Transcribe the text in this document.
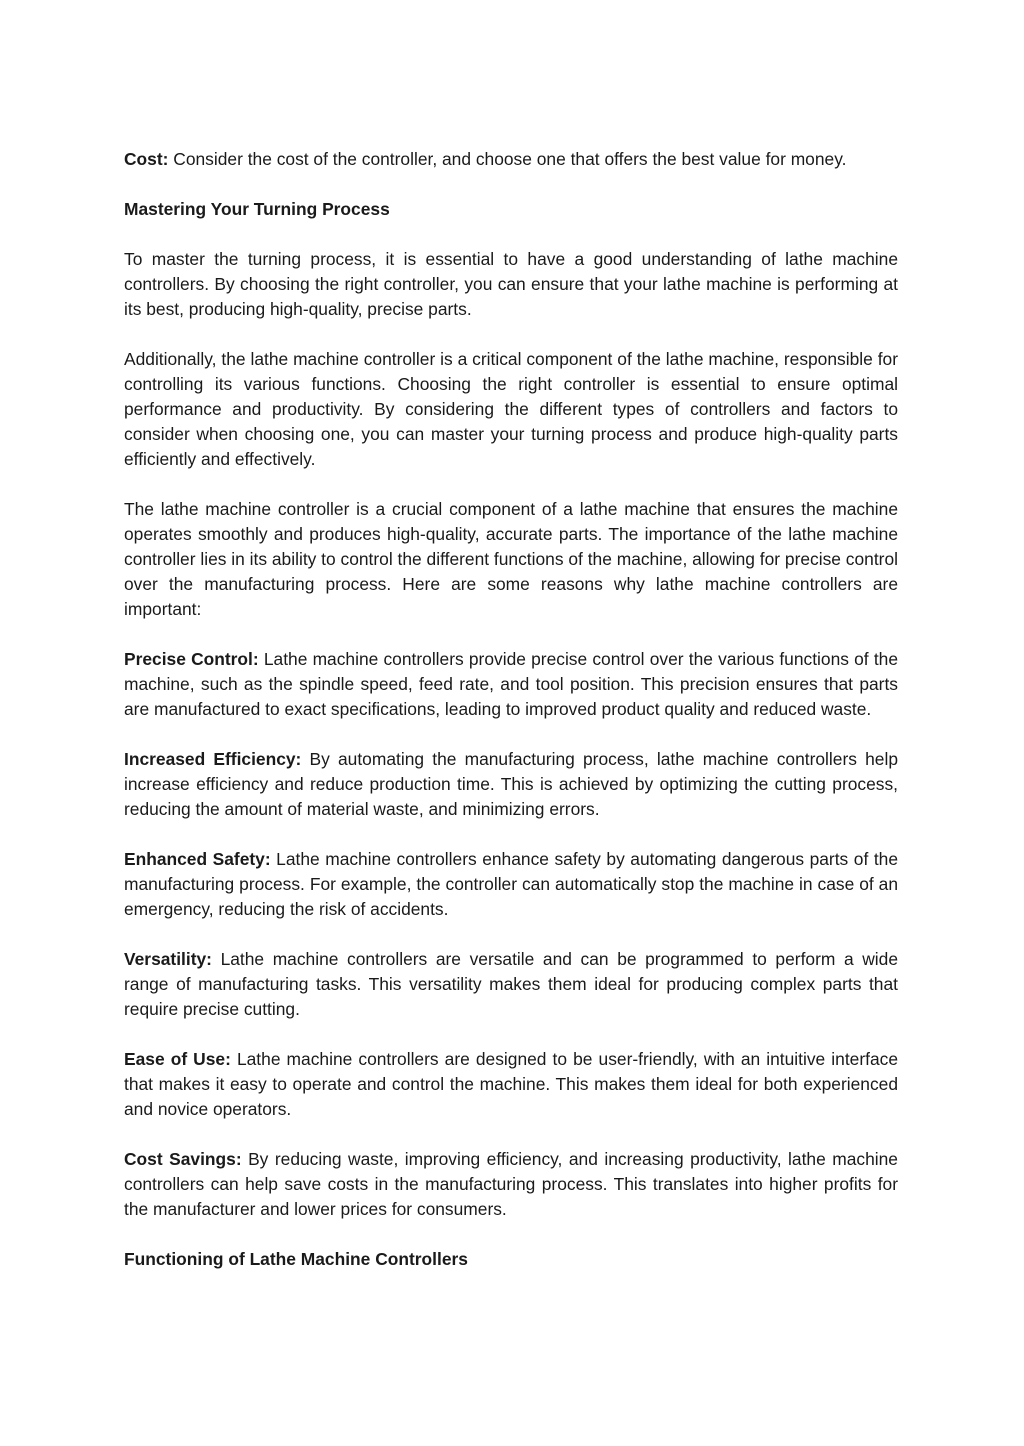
Cost: Consider the cost of the controller, and choose one that offers the best value for money.

Mastering Your Turning Process

To master the turning process, it is essential to have a good understanding of lathe machine controllers. By choosing the right controller, you can ensure that your lathe machine is performing at its best, producing high-quality, precise parts.

Additionally, the lathe machine controller is a critical component of the lathe machine, responsible for controlling its various functions. Choosing the right controller is essential to ensure optimal performance and productivity. By considering the different types of controllers and factors to consider when choosing one, you can master your turning process and produce high-quality parts efficiently and effectively.

The lathe machine controller is a crucial component of a lathe machine that ensures the machine operates smoothly and produces high-quality, accurate parts. The importance of the lathe machine controller lies in its ability to control the different functions of the machine, allowing for precise control over the manufacturing process. Here are some reasons why lathe machine controllers are important:

Precise Control: Lathe machine controllers provide precise control over the various functions of the machine, such as the spindle speed, feed rate, and tool position. This precision ensures that parts are manufactured to exact specifications, leading to improved product quality and reduced waste.

Increased Efficiency: By automating the manufacturing process, lathe machine controllers help increase efficiency and reduce production time. This is achieved by optimizing the cutting process, reducing the amount of material waste, and minimizing errors.

Enhanced Safety: Lathe machine controllers enhance safety by automating dangerous parts of the manufacturing process. For example, the controller can automatically stop the machine in case of an emergency, reducing the risk of accidents.

Versatility: Lathe machine controllers are versatile and can be programmed to perform a wide range of manufacturing tasks. This versatility makes them ideal for producing complex parts that require precise cutting.

Ease of Use: Lathe machine controllers are designed to be user-friendly, with an intuitive interface that makes it easy to operate and control the machine. This makes them ideal for both experienced and novice operators.

Cost Savings: By reducing waste, improving efficiency, and increasing productivity, lathe machine controllers can help save costs in the manufacturing process. This translates into higher profits for the manufacturer and lower prices for consumers.

Functioning of Lathe Machine Controllers
